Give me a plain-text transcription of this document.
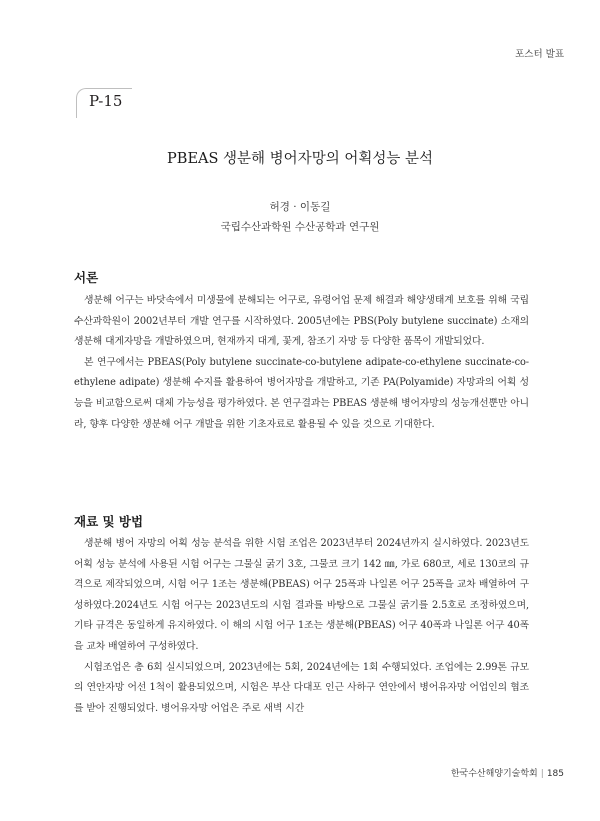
포스터 발표
P-15
PBEAS 생분해 병어자망의 어획성능 분석
허경 · 이동길
국립수산과학원 수산공학과 연구원
서론

생분해 어구는 바닷속에서 미생물에 분해되는 어구로, 유령어업 문제 해결과 해양생태계 보호를 위해 국립수산과학원이 2002년부터 개발 연구를 시작하였다. 2005년에는 PBS(Poly butylene succinate) 소재의 생분해 대게자망을 개발하였으며, 현재까지 대게, 꽃게, 참조기 자망 등 다양한 품목이 개발되었다.

본 연구에서는 PBEAS(Poly butylene succinate-co-butylene adipate-co-ethylene succinate-co-ethylene adipate) 생분해 수지를 활용하여 병어자망을 개발하고, 기존 PA(Polyamide) 자망과의 어획 성능을 비교함으로써 대체 가능성을 평가하였다. 본 연구결과는 PBEAS 생분해 병어자망의 성능개선뿐만 아니라, 향후 다양한 생분해 어구 개발을 위한 기초자료로 활용될 수 있을 것으로 기대한다.

재료 및 방법

생분해 병어 자망의 어획 성능 분석을 위한 시험 조업은 2023년부터 2024년까지 실시하였다. 2023년도 어획 성능 분석에 사용된 시험 어구는 그물실 굵기 3호, 그물코 크기 142 ㎜, 가로 680코, 세로 130코의 규격으로 제작되었으며, 시험 어구 1조는 생분해(PBEAS) 어구 25폭과 나일론 어구 25폭을 교차 배열하여 구성하였다.2024년도 시험 어구는 2023년도의 시험 결과를 바탕으로 그물실 굵기를 2.5호로 조정하였으며, 기타 규격은 동일하게 유지하였다. 이 해의 시험 어구 1조는 생분해(PBEAS) 어구 40폭과 나일론 어구 40폭을 교차 배열하여 구성하였다.

시험조업은 총 6회 실시되었으며, 2023년에는 5회, 2024년에는 1회 수행되었다. 조업에는 2.99톤 규모의 연안자망 어선 1척이 활용되었으며, 시험은 부산 다대포 인근 사하구 연안에서 병어유자망 어업인의 협조를 받아 진행되었다. 병어유자망 어업은 주로 새벽 시간

한국수산해양기술학회 | 185
